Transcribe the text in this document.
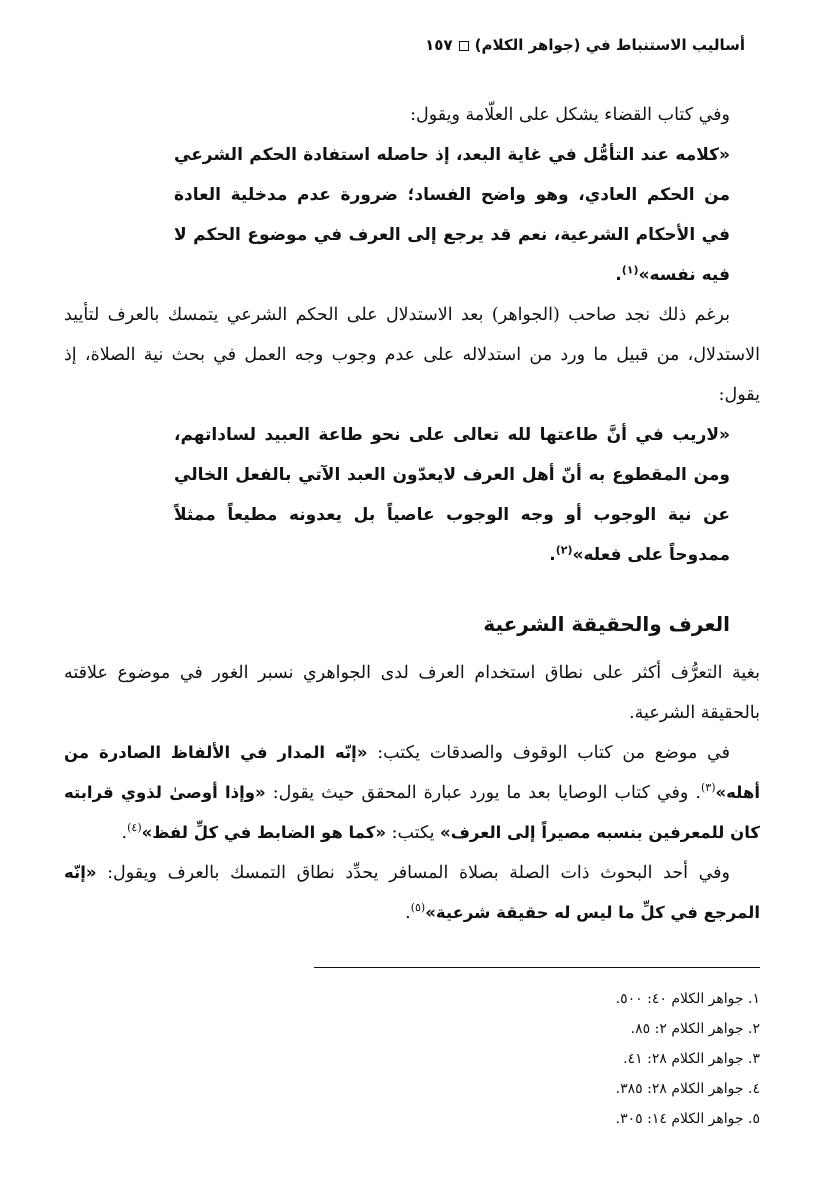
أساليب الاستنباط في (جواهر الكلام)١٥٧

وفي كتاب القضاء يشكل على العلّامة ويقول:

«كلامه عند التأمُّل في غاية البعد، إذ حاصله استفادة الحكم الشرعي من الحكم العادي، وهو واضح الفساد؛ ضرورة عدم مدخلية العادة في الأحكام الشرعية، نعم قد يرجع إلى العرف في موضوع الحكم لا فيه نفسه»$^{(١)}$.

برغم ذلك نجد صاحب (الجواهر) بعد الاستدلال على الحكم الشرعي يتمسك بالعرف لتأييد الاستدلال، من قبيل ما ورد من استدلاله على عدم وجوب وجه العمل في بحث نية الصلاة، إذ يقول:

«لاريب في أنَّ طاعتها لله تعالى على نحو طاعة العبيد لساداتهم، ومن المقطوع به أنّ أهل العرف لايعدّون العبد الآتي بالفعل الخالي عن نية الوجوب أو وجه الوجوب عاصياً بل يعدونه مطيعاً ممثلاً ممدوحاً على فعله»$^{(٢)}$.

العرف والحقيقة الشرعية

بغية التعرُّف أكثر على نطاق استخدام العرف لدى الجواهري نسبر الغور في موضوع علاقته بالحقيقة الشرعية.

في موضع من كتاب الوقوف والصدقات يكتب: «إنّه المدار في الألفاظ الصادرة من أهله»$^{(٣)}$. وفي كتاب الوصايا بعد ما يورد عبارة المحقق حيث يقول: «وإذا أوصىٰ لذوي قرابته كان للمعرفين بنسبه مصيراً إلى العرف» يكتب: «كما هو الضابط في كلِّ لفظ»$^{(٤)}$.

وفي أحد البحوث ذات الصلة بصلاة المسافر يحدِّد نطاق التمسك بالعرف ويقول: «إنّه المرجع في كلِّ ما ليس له حقيقة شرعية»$^{(٥)}$.

١. جواهر الكلام ٤٠: ٥٠٠.
٢. جواهر الكلام ٢: ٨٥.
٣. جواهر الكلام ٢٨: ٤١.
٤. جواهر الكلام ٢٨: ٣٨٥.
٥. جواهر الكلام ١٤: ٣٠٥.
